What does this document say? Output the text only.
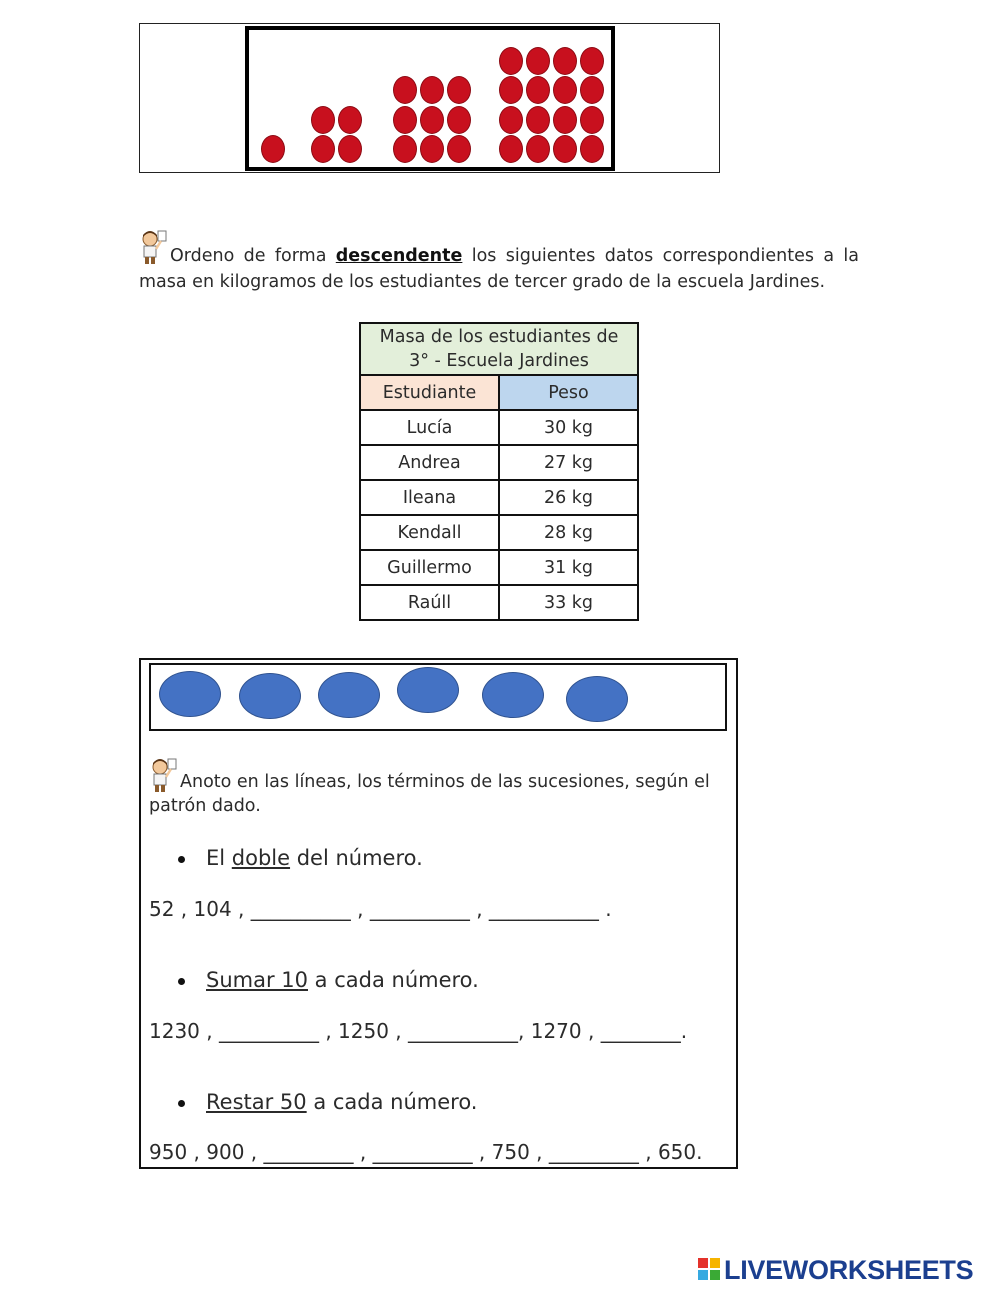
Ordeno de forma descendente los siguientes datos correspondientes a la masa en kilogramos de los estudiantes de tercer grado de la escuela Jardines.
Masa de los estudiantes de
3° - Escuela Jardines	

Estudiante	Peso
Lucía	30 kg
Andrea	27 kg
Ileana	26 kg
Kendall	28 kg
Guillermo	31 kg
Raúll	33 kg
Anoto en las líneas, los términos de las sucesiones, según el patrón dado.
El doble del número.
52 , 104 , __________ , __________ , ___________ .
Sumar 10 a cada número.
1230 , __________ , 1250 , ___________, 1270 , ________.
Restar 50 a cada número.
950 , 900 , _________ , __________ , 750 , _________ , 650.
LIVEWORKSHEETS
